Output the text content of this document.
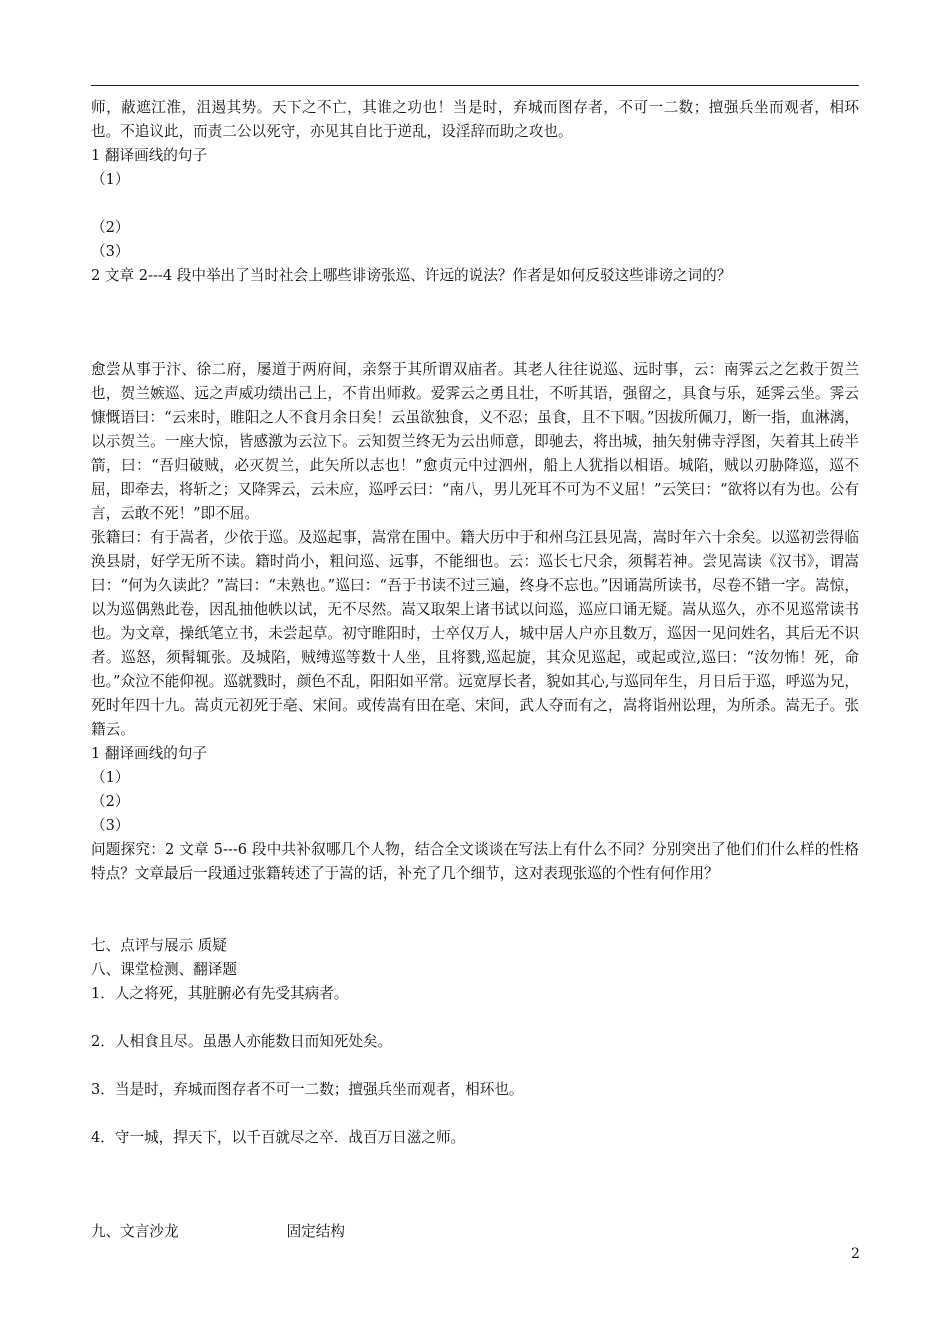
师，蔽遮江淮，沮遏其势。天下之不亡，其谁之功也！当是时，弃城而图存者，不可一二数；擅强兵坐而观者，相环也。不追议此，而责二公以死守，亦见其自比于逆乱，设淫辞而助之攻也。

1 翻译画线的句子

（1）

（2）

（3）

2 文章 2---4 段中举出了当时社会上哪些诽谤张巡、许远的说法？作者是如何反驳这些诽谤之词的？

愈尝从事于汴、徐二府，屡道于两府间，亲祭于其所谓双庙者。其老人往往说巡、远时事，云：南霁云之乞救于贺兰也，贺兰嫉巡、远之声威功绩出己上，不肯出师救。爱霁云之勇且壮，不听其语，强留之，具食与乐，延霁云坐。霁云慷慨语曰：“云来时，睢阳之人不食月余日矣！云虽欲独食，义不忍；虽食，且不下咽。”因拔所佩刀，断一指，血淋漓，以示贺兰。一座大惊，皆感激为云泣下。云知贺兰终无为云出师意，即驰去，将出城，抽矢射佛寺浮图，矢着其上砖半箭，曰：“吾归破贼，必灭贺兰，此矢所以志也！”愈贞元中过泗州，船上人犹指以相语。城陷，贼以刃胁降巡，巡不屈，即牵去，将斩之；又降霁云，云未应，巡呼云曰：“南八，男儿死耳不可为不义屈！”云笑曰：“欲将以有为也。公有言，云敢不死！”即不屈。

张籍曰：有于嵩者，少依于巡。及巡起事，嵩常在围中。籍大历中于和州乌江县见嵩，嵩时年六十余矣。以巡初尝得临涣县尉，好学无所不读。籍时尚小，粗问巡、远事，不能细也。云：巡长七尺余，须髯若神。尝见嵩读《汉书》，谓嵩曰：“何为久读此？”嵩曰：“未熟也。”巡曰：“吾于书读不过三遍，终身不忘也。”因诵嵩所读书，尽卷不错一字。嵩惊，以为巡偶熟此卷，因乱抽他帙以试，无不尽然。嵩又取架上诸书试以问巡，巡应口诵无疑。嵩从巡久，亦不见巡常读书也。为文章，操纸笔立书，未尝起草。初守睢阳时，士卒仅万人，城中居人户亦且数万，巡因一见问姓名，其后无不识者。巡怒，须髯辄张。及城陷，贼缚巡等数十人坐，且将戮,巡起旋，其众见巡起，或起或泣,巡曰：“汝勿怖！死，命也。”众泣不能仰视。巡就戮时，颜色不乱，阳阳如平常。远宽厚长者，貌如其心,与巡同年生，月日后于巡，呼巡为兄，死时年四十九。嵩贞元初死于亳、宋间。或传嵩有田在亳、宋间，武人夺而有之，嵩将诣州讼理，为所杀。嵩无子。张籍云。

1 翻译画线的句子

（1）

（2）

（3）

问题探究：2 文章 5---6 段中共补叙哪几个人物，结合全文谈谈在写法上有什么不同？分别突出了他们们什么样的性格特点？文章最后一段通过张籍转述了于嵩的话，补充了几个细节，这对表现张巡的个性有何作用？

七、点评与展示 质疑

八、课堂检测、翻译题

1．人之将死，其脏腑必有先受其病者。

2．人相食且尽。虽愚人亦能数日而知死处矣。

3．当是时，弃城而图存者不可一二数；擅强兵坐而观者，相环也。

4．守一城，捍天下，以千百就尽之卒．战百万日滋之师。

九、文言沙龙	固定结构

2
